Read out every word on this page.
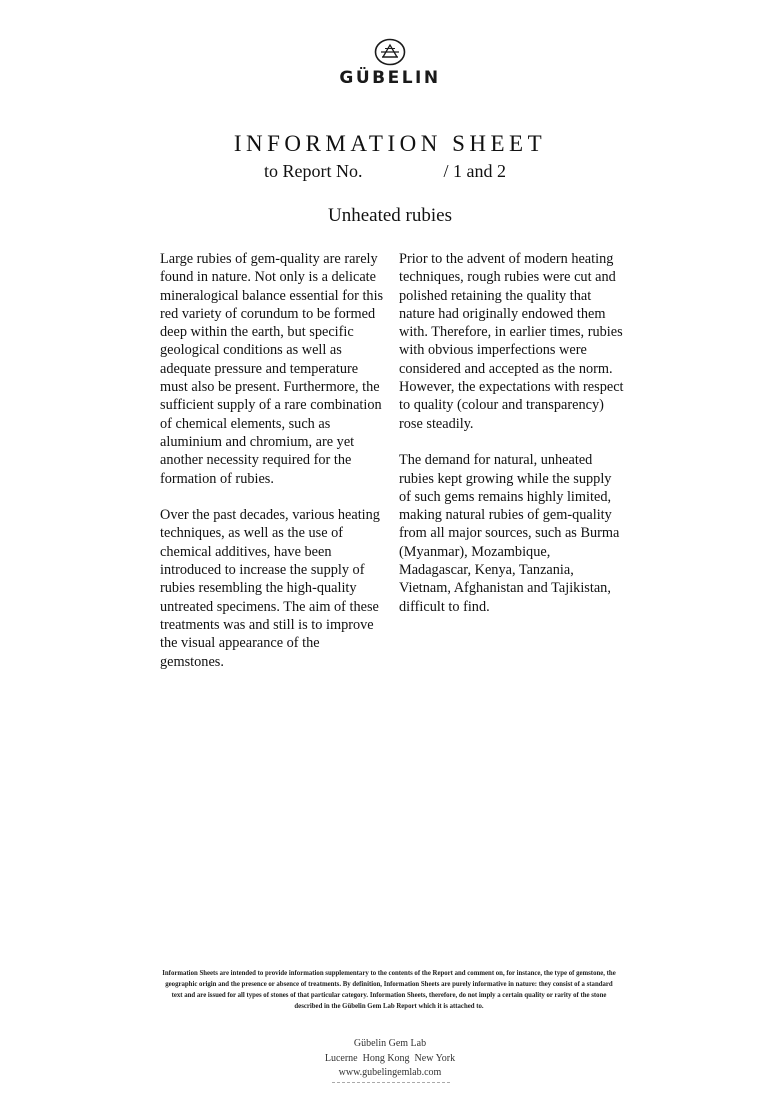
GÜBELIN
INFORMATION SHEET
to Report No.	/ 1 and 2
Unheated rubies

Large rubies of gem-quality are rarely found in nature. Not only is a delicate mineralogical balance essential for this red variety of corundum to be formed deep within the earth, but specific geological conditions as well as adequate pressure and temperature must also be present. Furthermore, the sufficient supply of a rare combination of chemical elements, such as aluminium and chromium, are yet another necessity required for the formation of rubies.

Over the past decades, various heating techniques, as well as the use of chemical additives, have been introduced to increase the supply of rubies resembling the high-quality untreated specimens. The aim of these treatments was and still is to improve the visual appearance of the gemstones.

Prior to the advent of modern heating techniques, rough rubies were cut and polished retaining the quality that nature had originally endowed them with. Therefore, in earlier times, rubies with obvious imperfections were considered and accepted as the norm. However, the expectations with respect to quality (colour and transparency) rose steadily.

The demand for natural, unheated rubies kept growing while the supply of such gems remains highly limited, making natural rubies of gem-quality from all major sources, such as Burma (Myanmar), Mozambique, Madagascar, Kenya, Tanzania, Vietnam, Afghanistan and Tajikistan, difficult to find.

Information Sheets are intended to provide information supplementary to the contents of the Report and comment on, for instance, the type of gemstone, the geographic origin and the presence or absence of treatments. By definition, Information Sheets are purely informative in nature: they consist of a standard text and are issued for all types of stones of that particular category. Information Sheets, therefore, do not imply a certain quality or rarity of the stone described in the Gübelin Gem Lab Report which it is attached to.
Gübelin Gem Lab
Lucerne  Hong Kong  New York
www.gubelingemlab.com
